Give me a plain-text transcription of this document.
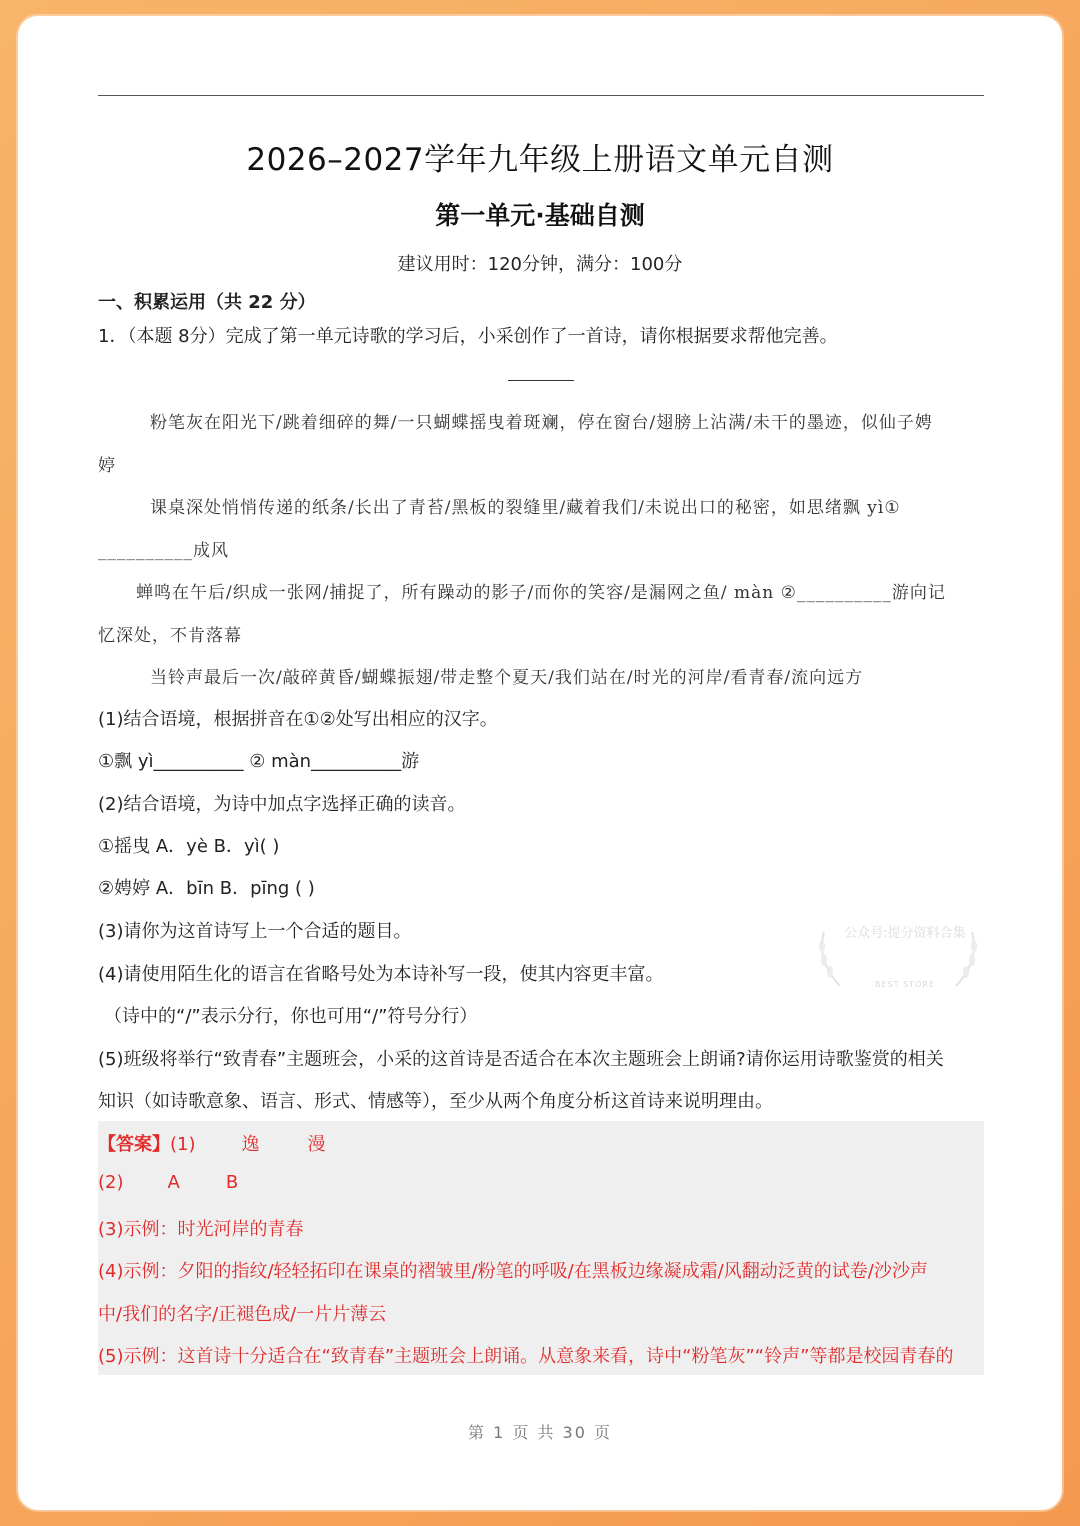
2026–2027学年九年级上册语文单元自测
第一单元·基础自测
建议用时：120分钟，满分：100分
一、积累运用（共 22 分）
1．（本题 8分）完成了第一单元诗歌的学习后，小采创作了一首诗，请你根据要求帮他完善。
粉笔灰在阳光下/跳着细碎的舞/一只蝴蝶摇曳着斑斓，停在窗台/翅膀上沾满/未干的墨迹，似仙子娉
婷
课桌深处悄悄传递的纸条/长出了青苔/黑板的裂缝里/藏着我们/未说出口的秘密，如思绪飘 yì①
__________成风
蝉鸣在午后/织成一张网/捕捉了，所有躁动的影子/而你的笑容/是漏网之鱼/ màn ②__________游向记
忆深处，不肯落幕
当铃声最后一次/敲碎黄昏/蝴蝶振翅/带走整个夏天/我们站在/时光的河岸/看青春/流向远方
(1)结合语境，根据拼音在①②处写出相应的汉字。
①飘 yì__________ ② màn__________游
(2)结合语境，为诗中加点字选择正确的读音。
①摇曳 A．yè B．yì( )
②娉婷 A．bīn B．pīng ( )
(3)请你为这首诗写上一个合适的题目。
(4)请使用陌生化的语言在省略号处为本诗补写一段，使其内容更丰富。
（诗中的“/”表示分行，你也可用“/”符号分行）
(5)班级将举行“致青春”主题班会，小采的这首诗是否适合在本次主题班会上朗诵?请你运用诗歌鉴赏的相关
知识（如诗歌意象、语言、形式、情感等），至少从两个角度分析这首诗来说明理由。
公众号:提分资料合集
BEST STORE
【答案】(1)	逸	漫
(2) A	B
(3)示例：时光河岸的青春
(4)示例：夕阳的指纹/轻轻拓印在课桌的褶皱里/粉笔的呼吸/在黑板边缘凝成霜/风翻动泛黄的试卷/沙沙声
中/我们的名字/正褪色成/一片片薄云
(5)示例：这首诗十分适合在“致青春”主题班会上朗诵。从意象来看，诗中“粉笔灰”“铃声”等都是校园青春的
第 1 页 共 30 页
